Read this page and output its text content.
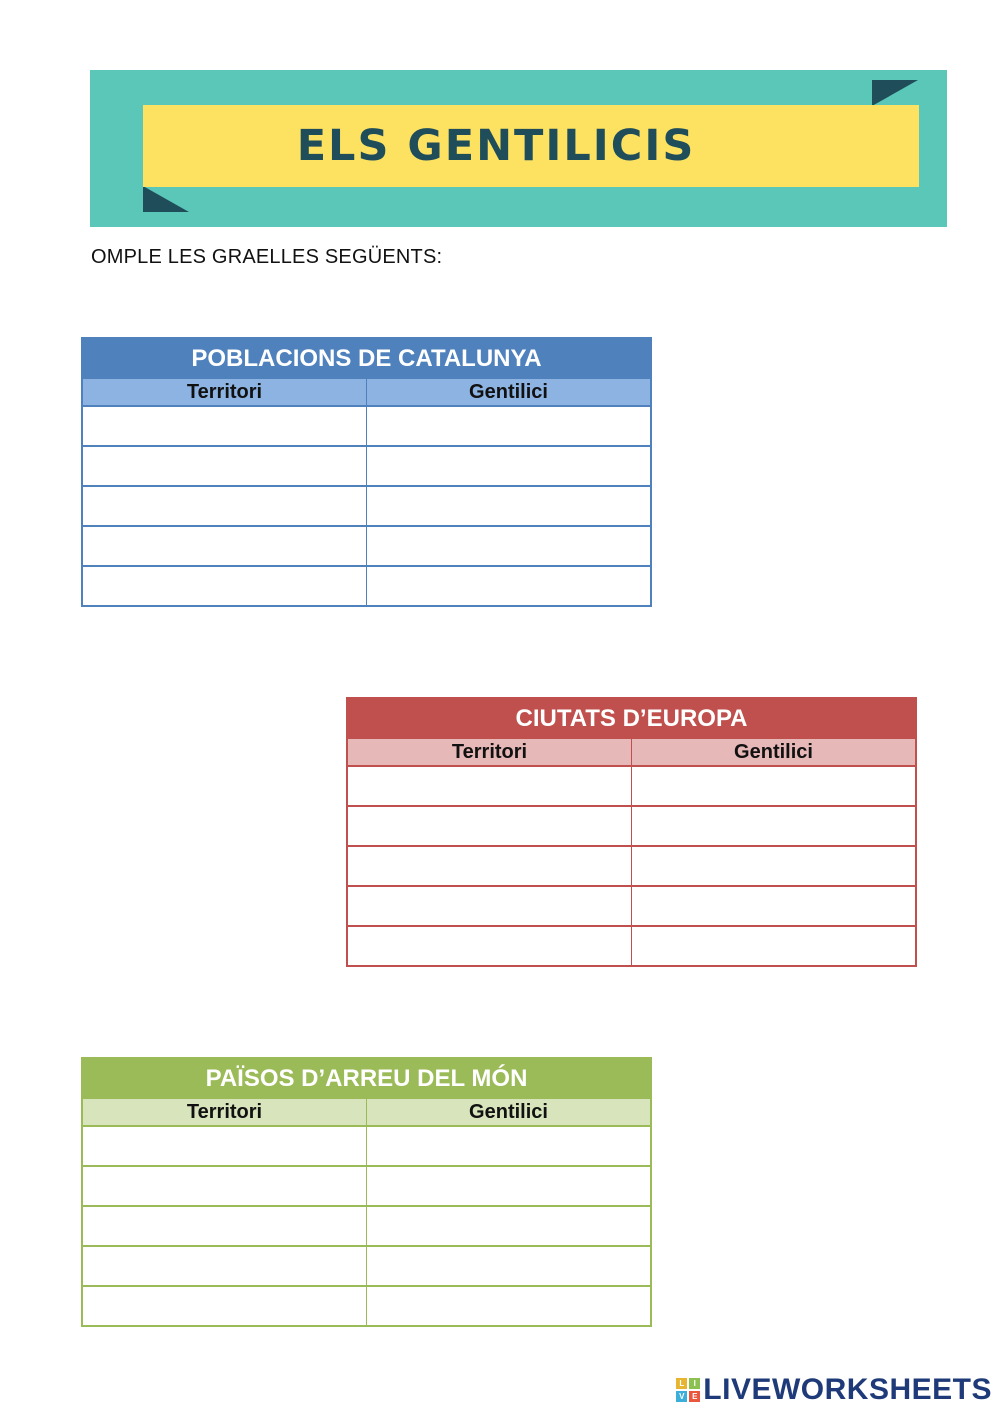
ELS GENTILICIS
OMPLE LES GRAELLES SEGÜENTS:
POBLACIONS DE CATALUNYA	
Territori	Gentilici

CIUTATS D’EUROPA	
Territori	Gentilici

PAÏSOS D’ARREU DEL MÓN	
Territori	Gentilici

L	I
V E LIVEWORKSHEETS
